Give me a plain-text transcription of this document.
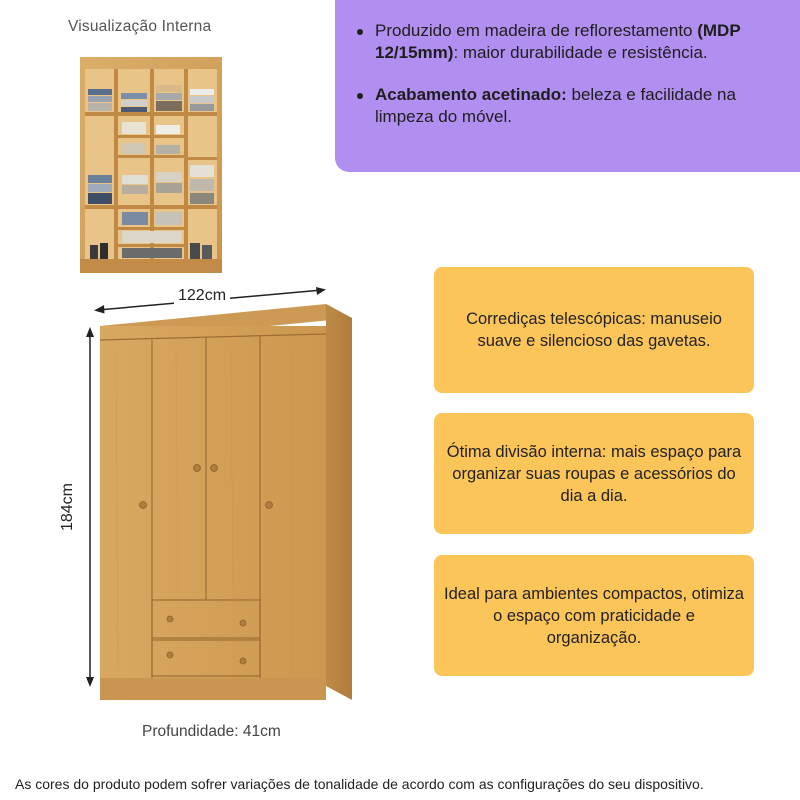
Visualização Interna	Produzido em madeira de reflorestamento (MDP 12/15mm): maior durabilidade e resistência.
Acabamento acetinado: beleza e facilidade na limpeza do móvel.
122cm
184cm
Profundidade: 41cm
Corrediças telescópicas: manuseio suave e silencioso das gavetas.
Ótima divisão interna: mais espaço para organizar suas roupas e acessórios do dia a dia.
Ideal para ambientes compactos, otimiza o espaço com praticidade e organização.
As cores do produto podem sofrer variações de tonalidade de acordo com as configurações do seu dispositivo.
